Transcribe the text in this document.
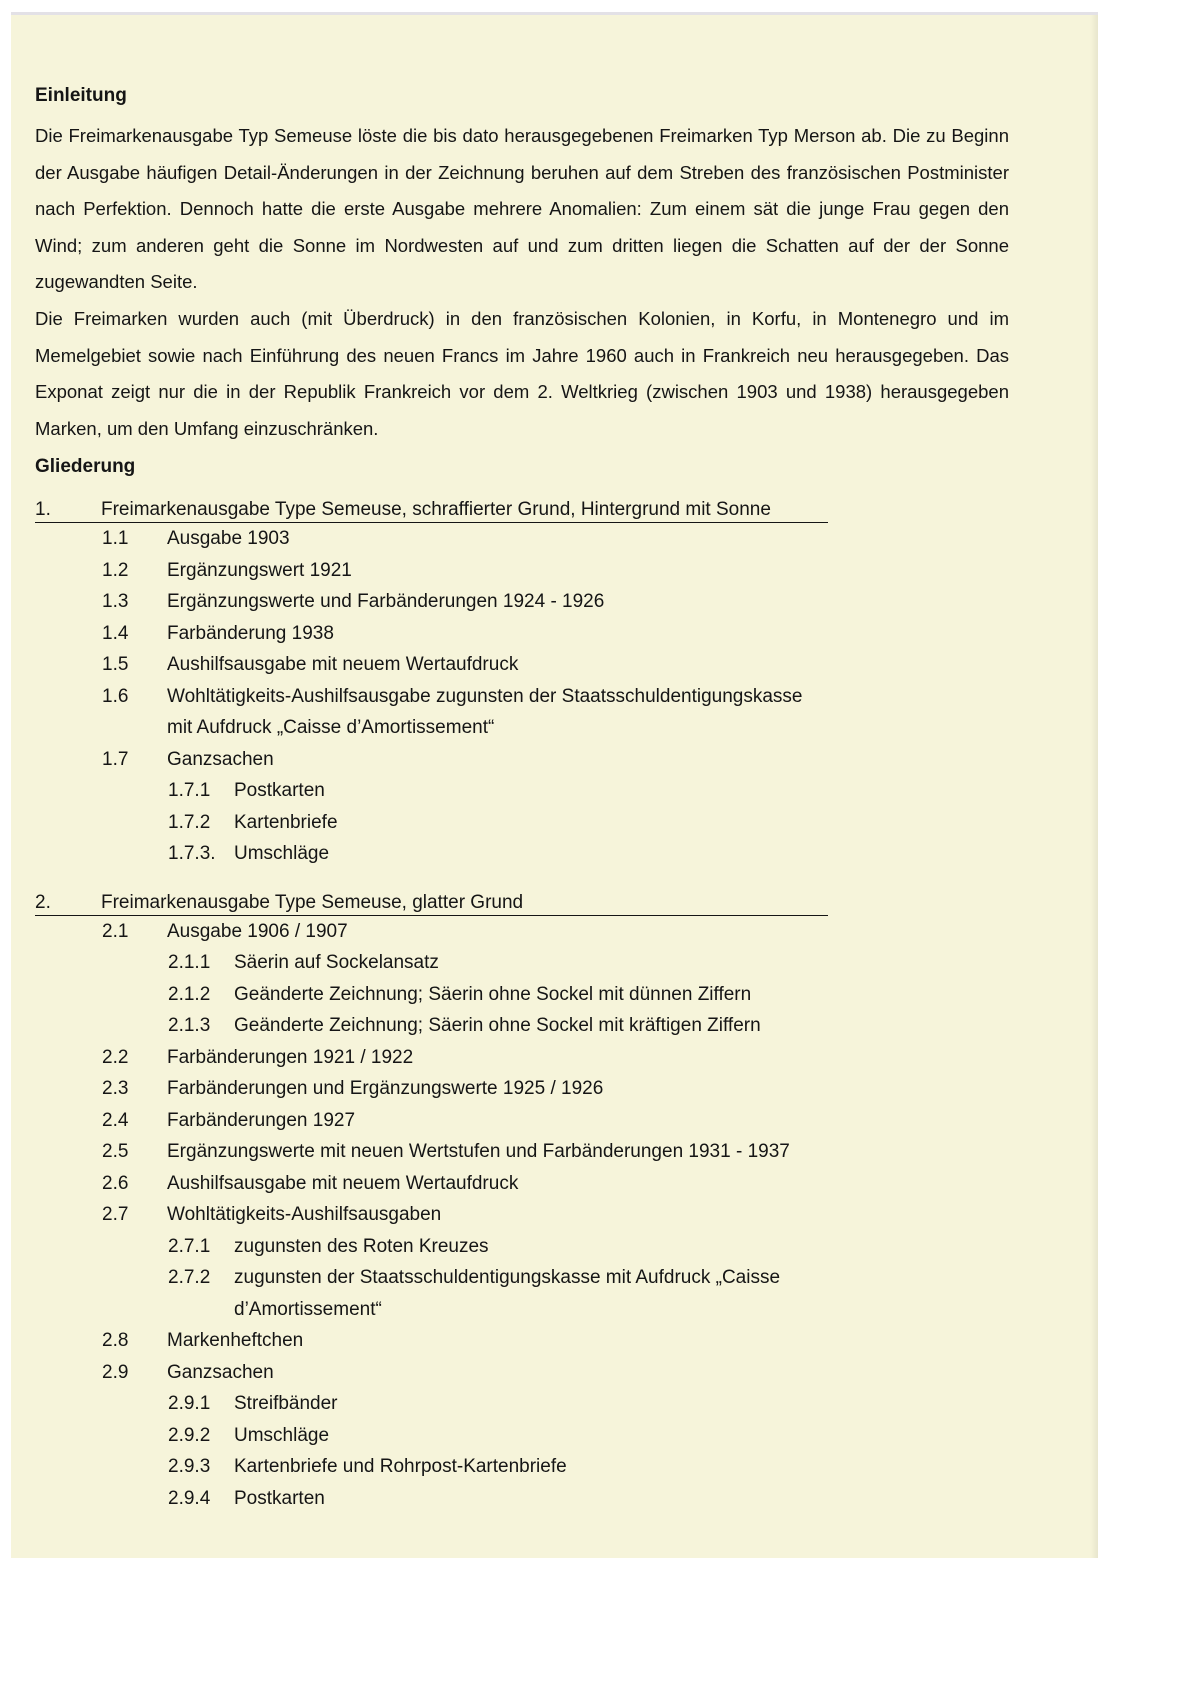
Einleitung

Die Freimarkenausgabe Typ Semeuse löste die bis dato herausgegebenen Freimarken Typ Merson ab. Die zu Beginn der Ausgabe häufigen Detail-Änderungen in der Zeichnung beruhen auf dem Streben des französischen Postminister nach Perfektion. Dennoch hatte die erste Ausgabe mehrere Anomalien: Zum einem sät die junge Frau gegen den Wind; zum anderen geht die Sonne im Nordwesten auf und zum dritten liegen die Schatten auf der der Sonne zugewandten Seite.

Die Freimarken wurden auch (mit Überdruck) in den französischen Kolonien, in Korfu, in Montenegro und im Memelgebiet sowie nach Einführung des neuen Francs im Jahre 1960 auch in Frankreich neu herausgegeben. Das Exponat zeigt nur die in der Republik Frankreich vor dem 2. Weltkrieg (zwischen 1903 und 1938) herausgegeben Marken, um den Umfang einzuschränken.

Gliederung
1.	Freimarkenausgabe Type Semeuse, schraffierter Grund, Hintergrund mit Sonne
1.1	Ausgabe 1903
1.2	Ergänzungswert 1921
1.3	Ergänzungswerte und Farbänderungen 1924 - 1926
1.4	Farbänderung 1938
1.5	Aushilfsausgabe mit neuem Wertaufdruck
1.6	Wohltätigkeits-Aushilfsausgabe zugunsten der Staatsschuldentigungskasse
mit Aufdruck „Caisse d’Amortissement“
1.7	Ganzsachen
1.7.1	Postkarten
1.7.2	Kartenbriefe
1.7.3. Umschläge
2.	Freimarkenausgabe Type Semeuse, glatter Grund
2.1	Ausgabe 1906 / 1907
2.1.1	Säerin auf Sockelansatz
2.1.2	Geänderte Zeichnung; Säerin ohne Sockel mit dünnen Ziffern
2.1.3	Geänderte Zeichnung; Säerin ohne Sockel mit kräftigen Ziffern
2.2	Farbänderungen 1921 / 1922
2.3	Farbänderungen und Ergänzungswerte 1925 / 1926
2.4	Farbänderungen 1927
2.5	Ergänzungswerte mit neuen Wertstufen und Farbänderungen 1931 - 1937
2.6	Aushilfsausgabe mit neuem Wertaufdruck
2.7	Wohltätigkeits-Aushilfsausgaben
2.7.1	zugunsten des Roten Kreuzes
2.7.2	zugunsten der Staatsschuldentigungskasse mit Aufdruck „Caisse
d’Amortissement“
2.8	Markenheftchen
2.9	Ganzsachen
2.9.1	Streifbänder
2.9.2	Umschläge
2.9.3	Kartenbriefe und Rohrpost-Kartenbriefe
2.9.4	Postkarten
